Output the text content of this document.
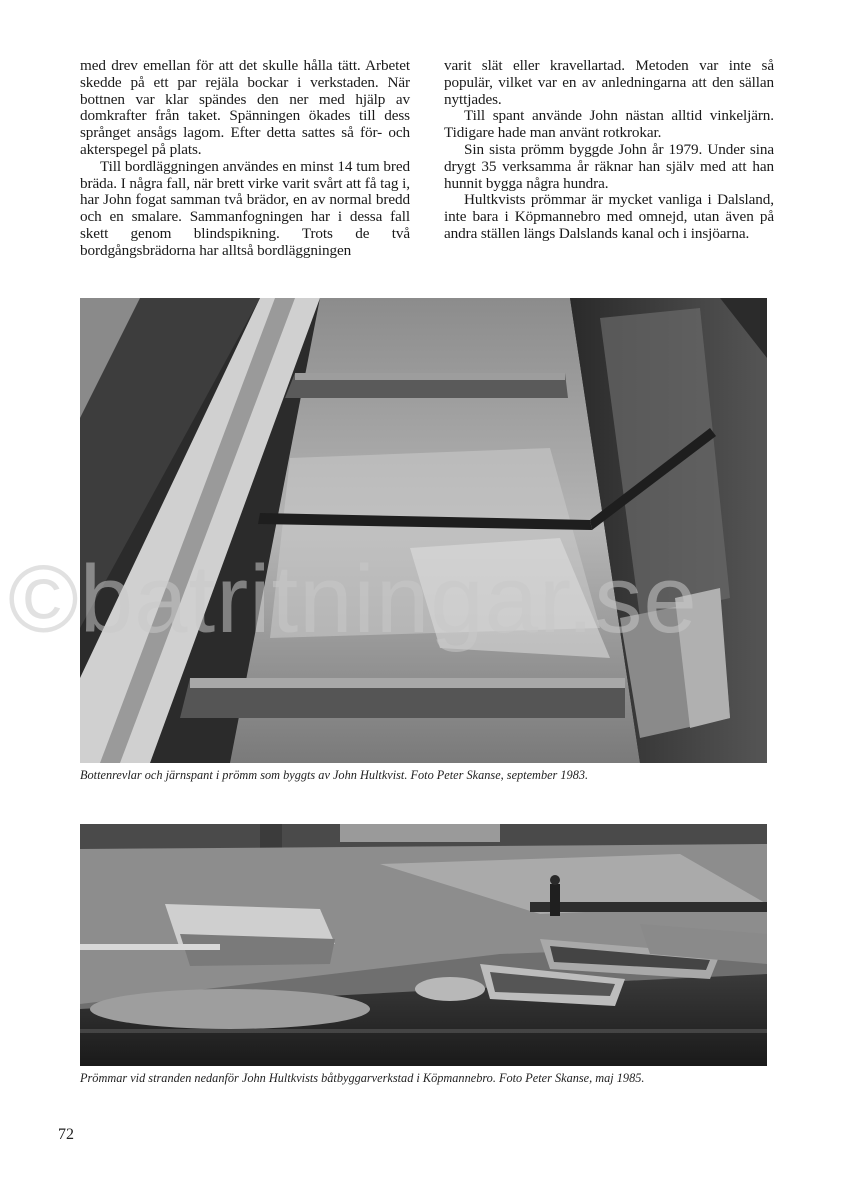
med drev emellan för att det skulle hålla tätt. Arbetet skedde på ett par rejäla bockar i verkstaden. När bottnen var klar spändes den ner med hjälp av domkrafter från taket. Spänningen ökades till dess språnget ansågs lagom. Efter detta sattes så för- och akterspegel på plats.

Till bordläggningen användes en minst 14 tum bred bräda. I några fall, när brett virke varit svårt att få tag i, har John fogat samman två brädor, en av normal bredd och en smalare. Sammanfogningen har i dessa fall skett genom blindspikning. Trots de två bordgångsbrädorna har alltså bordläggningen

varit slät eller kravellartad. Metoden var inte så populär, vilket var en av anledningarna att den sällan nyttjades.

Till spant använde John nästan alltid vinkeljärn. Tidigare hade man använt rotkrokar.

Sin sista prömm byggde John år 1979. Under sina drygt 35 verksamma år räknar han själv med att han hunnit bygga några hundra.

Hultkvists prömmar är mycket vanliga i Dalsland, inte bara i Köpmannebro med omnejd, utan även på andra ställen längs Dalslands kanal och i insjöarna.

Bottenrevlar och järnspant i prömm som byggts av John Hultkvist. Foto Peter Skanse, september 1983.
Prömmar vid stranden nedanför John Hultkvists båtbyggarverkstad i Köpmannebro. Foto Peter Skanse, maj 1985.
72
©batritningar.se
